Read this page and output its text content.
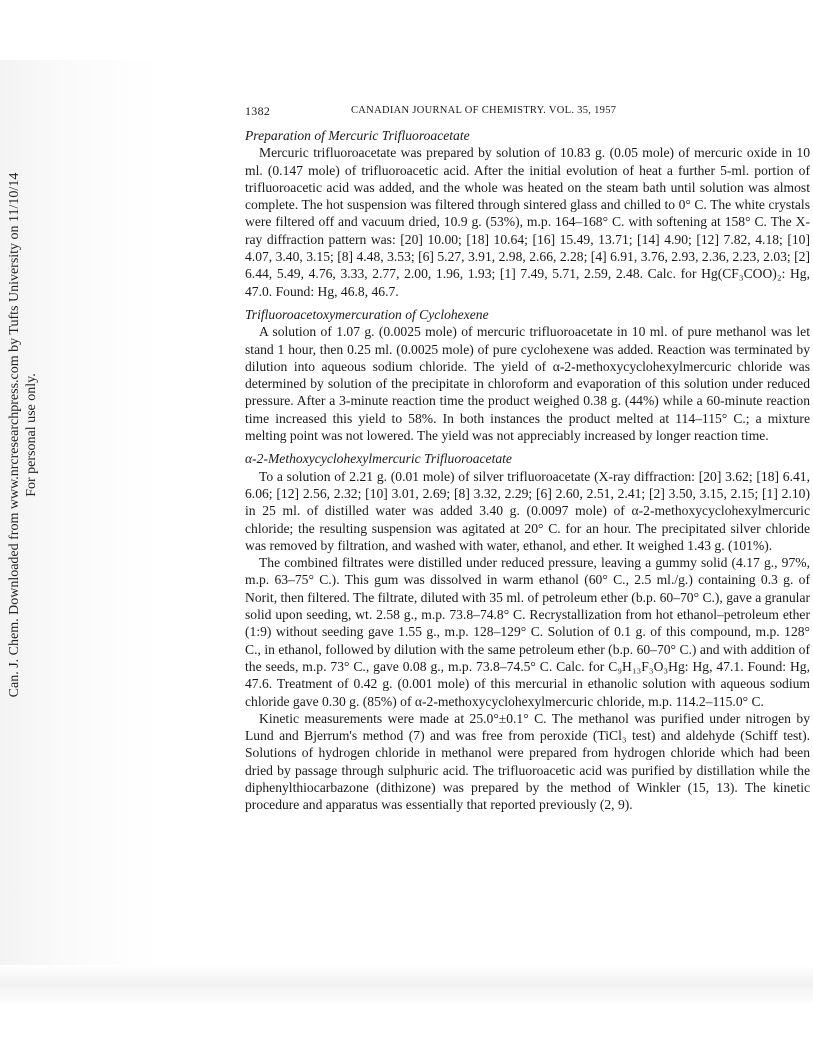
Can. J. Chem. Downloaded from www.nrcresearchpress.com by Tufts University on 11/10/14 For personal use only.
1382	CANADIAN JOURNAL OF CHEMISTRY. VOL. 35, 1957

Preparation of Mercuric Trifluoroacetate

Mercuric trifluoroacetate was prepared by solution of 10.83 g. (0.05 mole) of mercuric oxide in 10 ml. (0.147 mole) of trifluoroacetic acid. After the initial evolution of heat a further 5-ml. portion of trifluoroacetic acid was added, and the whole was heated on the steam bath until solution was almost complete. The hot suspension was filtered through sintered glass and chilled to 0° C. The white crystals were filtered off and vacuum dried, 10.9 g. (53%), m.p. 164–168° C. with softening at 158° C. The X-ray diffraction pattern was: [20] 10.00; [18] 10.64; [16] 15.49, 13.71; [14] 4.90; [12] 7.82, 4.18; [10] 4.07, 3.40, 3.15; [8] 4.48, 3.53; [6] 5.27, 3.91, 2.98, 2.66, 2.28; [4] 6.91, 3.76, 2.93, 2.36, 2.23, 2.03; [2] 6.44, 5.49, 4.76, 3.33, 2.77, 2.00, 1.96, 1.93; [1] 7.49, 5.71, 2.59, 2.48. Calc. for Hg(CF₃COO)₂: Hg, 47.0. Found: Hg, 46.8, 46.7.

Trifluoroacetoxymercuration of Cyclohexene

A solution of 1.07 g. (0.0025 mole) of mercuric trifluoroacetate in 10 ml. of pure methanol was let stand 1 hour, then 0.25 ml. (0.0025 mole) of pure cyclohexene was added. Reaction was terminated by dilution into aqueous sodium chloride. The yield of α-2-methoxycyclohexylmercuric chloride was determined by solution of the precipitate in chloroform and evaporation of this solution under reduced pressure. After a 3-minute reaction time the product weighed 0.38 g. (44%) while a 60-minute reaction time increased this yield to 58%. In both instances the product melted at 114–115° C.; a mixture melting point was not lowered. The yield was not appreciably increased by longer reaction time.

α-2-Methoxycyclohexylmercuric Trifluoroacetate

To a solution of 2.21 g. (0.01 mole) of silver trifluoroacetate (X-ray diffraction: [20] 3.62; [18] 6.41, 6.06; [12] 2.56, 2.32; [10] 3.01, 2.69; [8] 3.32, 2.29; [6] 2.60, 2.51, 2.41; [2] 3.50, 3.15, 2.15; [1] 2.10) in 25 ml. of distilled water was added 3.40 g. (0.0097 mole) of α-2-methoxycyclohexylmercuric chloride; the resulting suspension was agitated at 20° C. for an hour. The precipitated silver chloride was removed by filtration, and washed with water, ethanol, and ether. It weighed 1.43 g. (101%).

The combined filtrates were distilled under reduced pressure, leaving a gummy solid (4.17 g., 97%, m.p. 63–75° C.). This gum was dissolved in warm ethanol (60° C., 2.5 ml./g.) containing 0.3 g. of Norit, then filtered. The filtrate, diluted with 35 ml. of petroleum ether (b.p. 60–70° C.), gave a granular solid upon seeding, wt. 2.58 g., m.p. 73.8–74.8° C. Recrystallization from hot ethanol–petroleum ether (1:9) without seeding gave 1.55 g., m.p. 128–129° C. Solution of 0.1 g. of this compound, m.p. 128° C., in ethanol, followed by dilution with the same petroleum ether (b.p. 60–70° C.) and with addition of the seeds, m.p. 73° C., gave 0.08 g., m.p. 73.8–74.5° C. Calc. for C₉H₁₃F₃O₃Hg: Hg, 47.1. Found: Hg, 47.6. Treatment of 0.42 g. (0.001 mole) of this mercurial in ethanolic solution with aqueous sodium chloride gave 0.30 g. (85%) of α-2-methoxycyclohexylmercuric chloride, m.p. 114.2–115.0° C.

Kinetic measurements were made at 25.0°±0.1° C. The methanol was purified under nitrogen by Lund and Bjerrum's method (7) and was free from peroxide (TiCl₃ test) and aldehyde (Schiff test). Solutions of hydrogen chloride in methanol were prepared from hydrogen chloride which had been dried by passage through sulphuric acid. The trifluoroacetic acid was purified by distillation while the diphenylthiocarbazone (dithizone) was prepared by the method of Winkler (15, 13). The kinetic procedure and apparatus was essentially that reported previously (2, 9).
